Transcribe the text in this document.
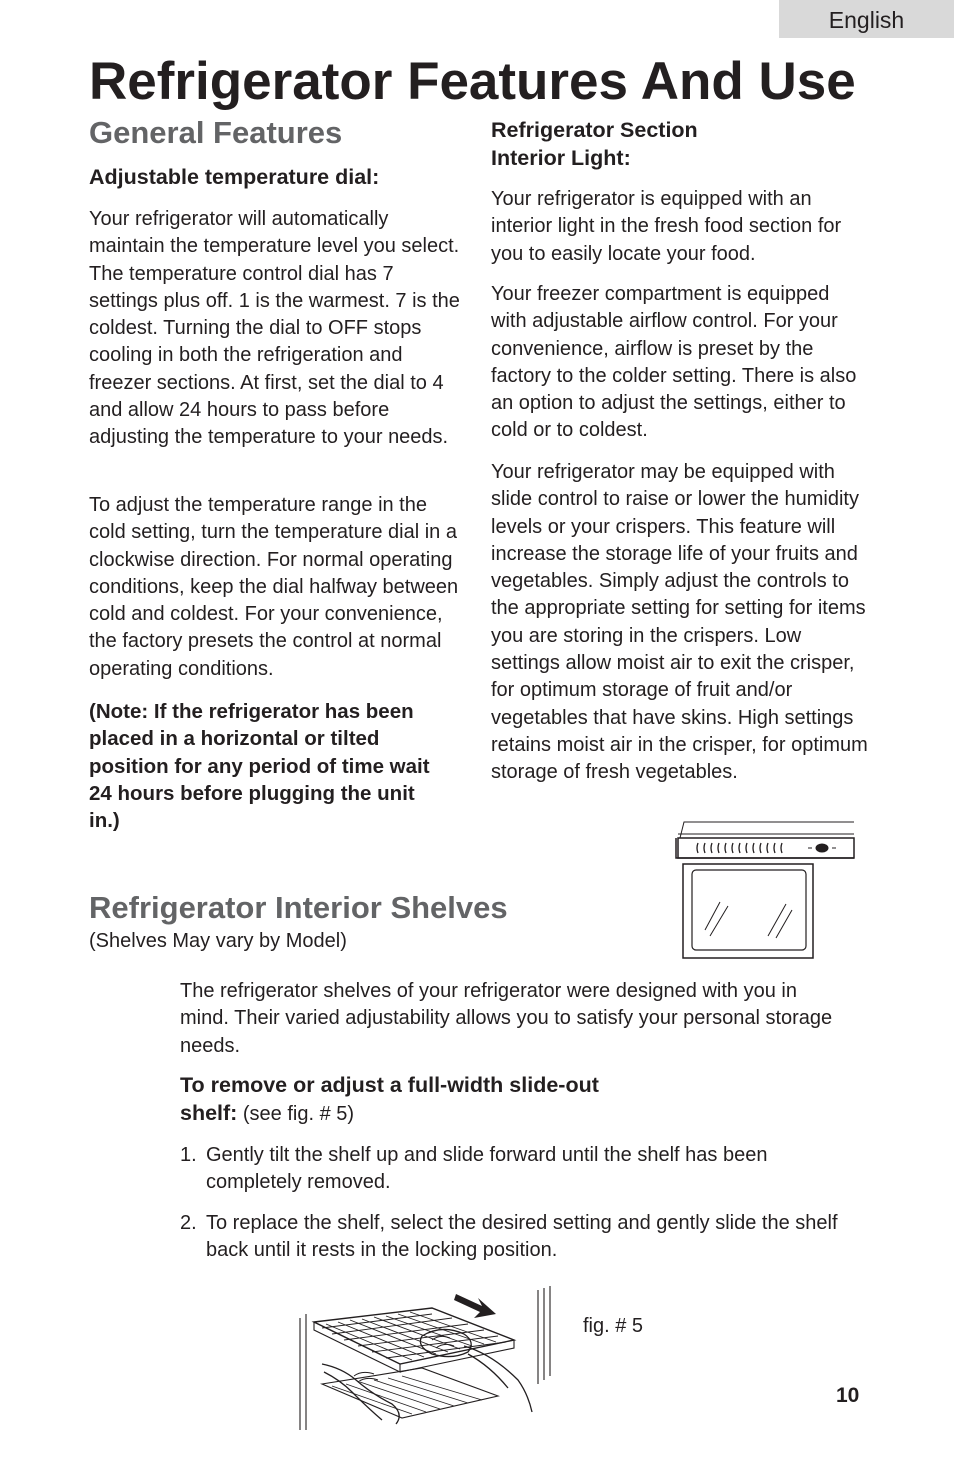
English
Refrigerator Features And Use
General Features
Adjustable temperature dial:

Your refrigerator will automatically maintain the temperature level you select. The temperature control dial has 7 settings plus off. 1 is the warmest. 7 is the coldest. Turning the dial to OFF stops cooling in both the refrigeration and freezer sections. At first, set the dial to 4 and allow 24 hours to pass before adjusting the temperature to your needs.

To adjust the temperature range in the cold setting, turn the temperature dial in a clockwise direction. For normal operating conditions, keep the dial halfway between cold and coldest. For your convenience, the factory presets the control at normal operating conditions.

(Note: If the refrigerator has been placed in a horizontal or tilted position for any period of time wait 24 hours before plugging the unit in.)

Refrigerator Section Interior Light:

Your refrigerator is equipped with an interior light in the fresh food section for you to easily locate your food.

Your freezer compartment is equipped with adjustable airflow control. For your convenience, airflow is preset by the factory to the colder setting. There is also an option to adjust the settings, either to cold or to coldest.

Your refrigerator may be equipped with slide control to raise or lower the humidity levels or your crispers. This feature will increase the storage life of your fruits and vegetables. Simply adjust the controls to the appropriate setting for setting for items you are storing in the crispers. Low settings allow moist air to exit the crisper, for optimum storage of fruit and/or vegetables that have skins. High settings retains moist air in the crisper, for optimum storage of fresh vegetables.

Refrigerator Interior Shelves

(Shelves May vary by Model)

The refrigerator shelves of your refrigerator were designed with you in mind. Their varied adjustability allows you to satisfy your personal storage needs.

To remove or adjust a full-width slide-out shelf: (see fig. # 5)

1. Gently tilt the shelf up and slide forward until the shelf has been completely removed.
2. To replace the shelf, select the desired setting and gently slide the shelf back until it rests in the locking position.
fig. # 5
10
